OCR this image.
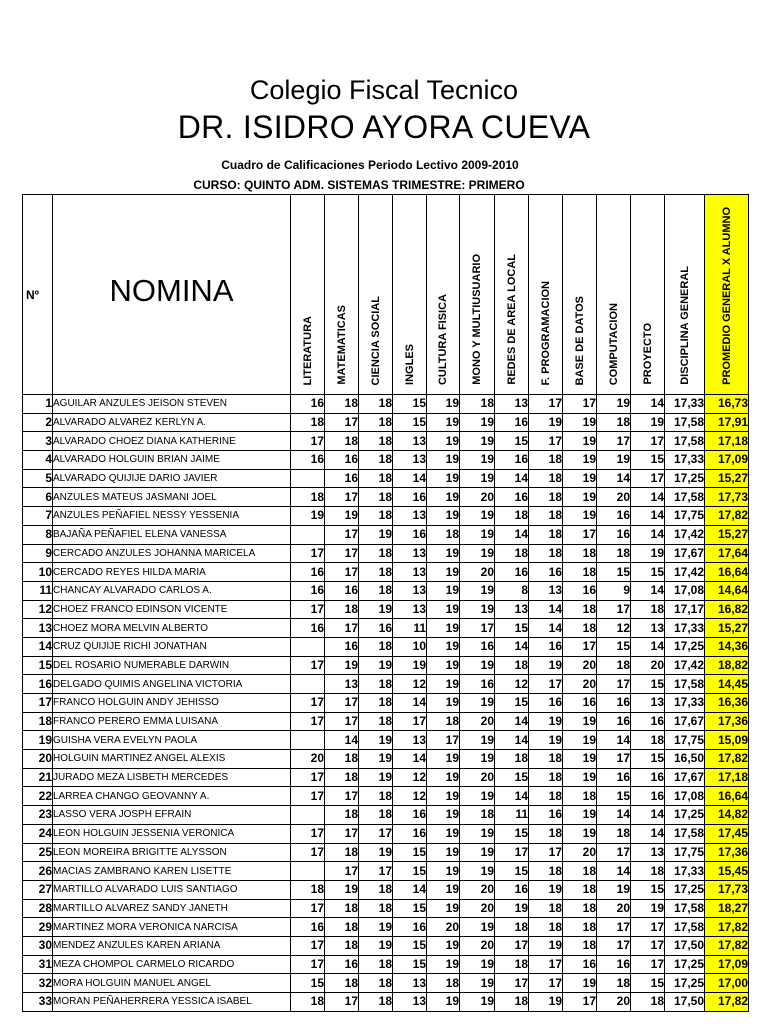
Colegio Fiscal Tecnico
DR. ISIDRO AYORA CUEVA
Cuadro de Calificaciones Periodo Lectivo 2009-2010
CURSO: QUINTO ADM. SISTEMAS TRIMESTRE: PRIMERO
Nº	NOMINA	LITERATURA	MATEMATICAS	CIENCIA SOCIAL	INGLES	CULTURA FISICA	MONO Y MULTIUSUARIO	REDES DE AREA LOCAL	F. PROGRAMACION	BASE DE DATOS	COMPUTACION	PROYECTO	DISCIPLINA GENERAL	PROMEDIO GENERAL X ALUMNO
1	AGUILAR ANZULES JEISON STEVEN	16	18	18	15	19	18	13	17	17	19	14	17,33	16,73
2	ALVARADO ALVAREZ KERLYN A.	18	17	18	15	19	19	16	19	19	18	19	17,58	17,91
3	ALVARADO CHOEZ DIANA KATHERINE	17	18	18	13	19	19	15	17	19	17	17	17,58	17,18
4	ALVARADO HOLGUIN BRIAN JAIME	16	16	18	13	19	19	16	18	19	19	15	17,33	17,09
5	ALVARADO QUIJIJE DARIO JAVIER		16	18	14	19	19	14	18	19	14	17	17,25	15,27
6	ANZULES MATEUS JASMANI JOEL	18	17	18	16	19	20	16	18	19	20	14	17,58	17,73
7	ANZULES PEÑAFIEL NESSY YESSENIA	19	19	18	13	19	19	18	18	19	16	14	17,75	17,82
8	BAJAÑA PEÑAFIEL ELENA VANESSA		17	19	16	18	19	14	18	17	16	14	17,42	15,27
9	CERCADO ANZULES JOHANNA MARICELA	17	17	18	13	19	19	18	18	18	18	19	17,67	17,64
10	CERCADO REYES HILDA MARIA	16	17	18	13	19	20	16	16	18	15	15	17,42	16,64
11	CHANCAY ALVARADO CARLOS A.	16	16	18	13	19	19	8	13	16	9	14	17,08	14,64
12	CHOEZ FRANCO EDINSON VICENTE	17	18	19	13	19	19	13	14	18	17	18	17,17	16,82
13	CHOEZ MORA MELVIN ALBERTO	16	17	16	11	19	17	15	14	18	12	13	17,33	15,27
14	CRUZ QUIJIJE RICHI JONATHAN		16	18	10	19	16	14	16	17	15	14	17,25	14,36
15	DEL ROSARIO NUMERABLE DARWIN	17	19	19	19	19	19	18	19	20	18	20	17,42	18,82
16	DELGADO QUIMIS ANGELINA VICTORIA		13	18	12	19	16	12	17	20	17	15	17,58	14,45
17	FRANCO HOLGUIN ANDY JEHISSO	17	17	18	14	19	19	15	16	16	16	13	17,33	16,36
18	FRANCO PERERO EMMA LUISANA	17	17	18	17	18	20	14	19	19	16	16	17,67	17,36
19	GUISHA VERA EVELYN PAOLA		14	19	13	17	19	14	19	19	14	18	17,75	15,09
20	HOLGUIN MARTINEZ ANGEL ALEXIS	20	18	19	14	19	19	18	18	19	17	15	16,50	17,82
21	JURADO MEZA LISBETH MERCEDES	17	18	19	12	19	20	15	18	19	16	16	17,67	17,18
22	LARREA CHANGO GEOVANNY A.	17	17	18	12	19	19	14	18	18	15	16	17,08	16,64
23	LASSO VERA JOSPH EFRAIN		18	18	16	19	18	11	16	19	14	14	17,25	14,82
24	LEON HOLGUIN JESSENIA VERONICA	17	17	17	16	19	19	15	18	19	18	14	17,58	17,45
25	LEON MOREIRA BRIGITTE ALYSSON	17	18	19	15	19	19	17	17	20	17	13	17,75	17,36
26	MACIAS ZAMBRANO KAREN LISETTE		17	17	15	19	19	15	18	18	14	18	17,33	15,45
27	MARTILLO ALVARADO LUIS SANTIAGO	18	19	18	14	19	20	16	19	18	19	15	17,25	17,73
28	MARTILLO ALVAREZ SANDY JANETH	17	18	18	15	19	20	19	18	18	20	19	17,58	18,27
29	MARTINEZ MORA VERONICA NARCISA	16	18	19	16	20	19	18	18	18	17	17	17,58	17,82
30	MENDEZ ANZULES KAREN ARIANA	17	18	19	15	19	20	17	19	18	17	17	17,50	17,82
31	MEZA CHOMPOL CARMELO RICARDO	17	16	18	15	19	19	18	17	16	16	17	17,25	17,09
32	MORA HOLGUIN MANUEL ANGEL	15	18	18	13	18	19	17	17	19	18	15	17,25	17,00
33	MORAN PEÑAHERRERA YESSICA ISABEL	18	17	18	13	19	19	18	19	17	20	18	17,50	17,82
